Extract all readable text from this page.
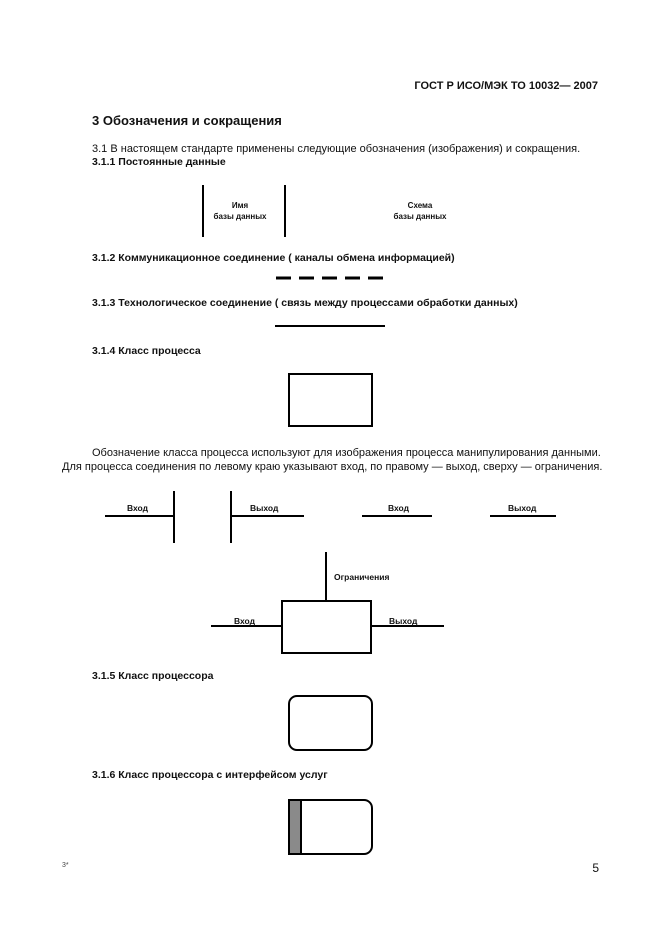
ГОСТ Р ИСО/МЭК ТО 10032— 2007
3 Обозначения и сокращения
3.1 В настоящем стандарте применены следующие обозначения (изображения) и сокращения.
3.1.1 Постоянные данные
Имя
базы данных
Схема
базы данных
3.1.2 Коммуникационное соединение ( каналы обмена информацией)
3.1.3 Технологическое соединение ( связь между процессами обработки данных)
3.1.4 Класс процесса
Обозначение класса процесса используют для изображения процесса манипулирования данными.
Для процесса соединения по левому краю указывают вход, по правому — выход, сверху — ограничения.
Вход	Выход	Вход	Выход
Ограничения
Вход	Выход
3.1.5 Класс процессора
3.1.6 Класс процессора с интерфейсом услуг
3*	5
